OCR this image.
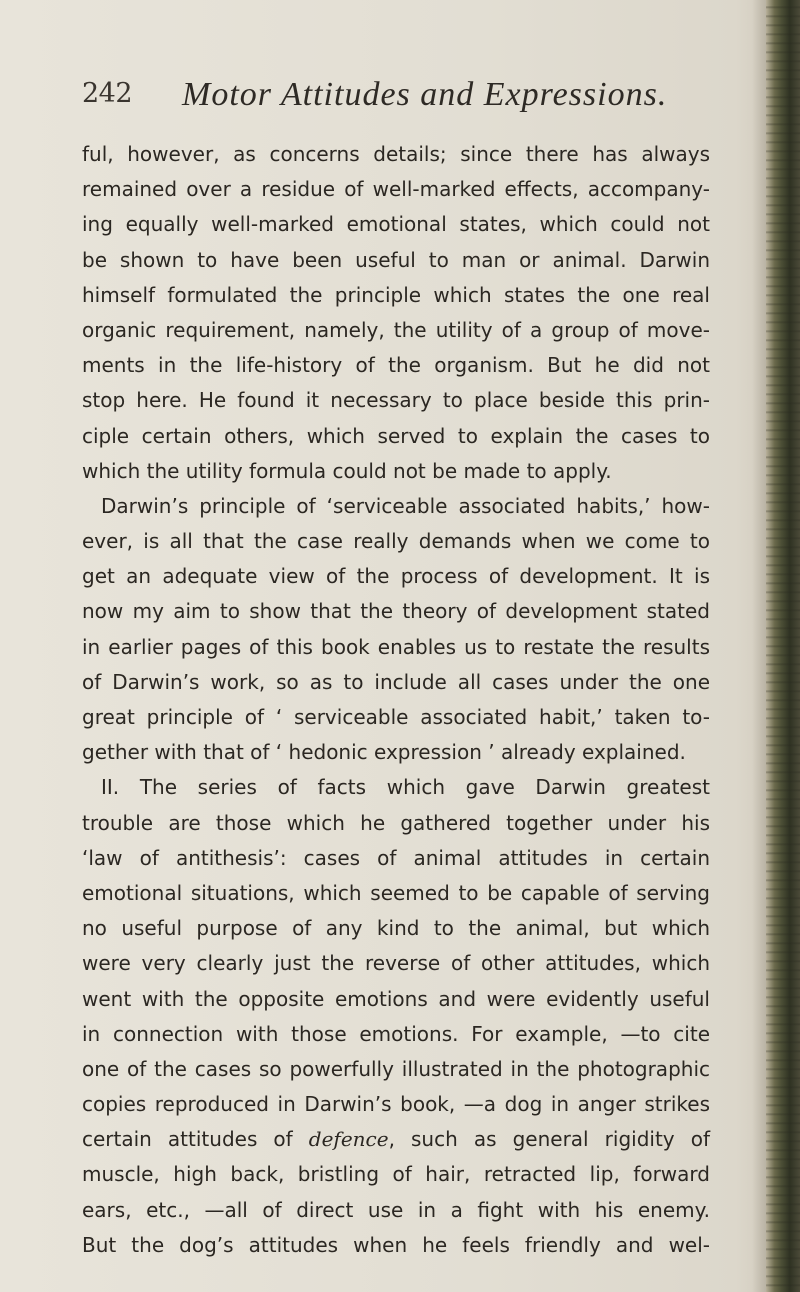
242 Motor Attitudes and Expressions.
ful, however, as concerns details; since there has always
remained over a residue of well-marked effects, accompany-
ing equally well-marked emotional states, which could not
be shown to have been useful to man or animal. Darwin
himself formulated the principle which states the one real
organic requirement, namely, the utility of a group of move-
ments in the life-history of the organism. But he did not
stop here. He found it necessary to place beside this prin-
ciple certain others, which served to explain the cases to
which the utility formula could not be made to apply.
Darwin’s principle of ‘serviceable associated habits,’ how-
ever, is all that the case really demands when we come to
get an adequate view of the process of development. It is
now my aim to show that the theory of development stated
in earlier pages of this book enables us to restate the results
of Darwin’s work, so as to include all cases under the one
great principle of ‘ serviceable associated habit,’ taken to-
gether with that of ‘ hedonic expression ’ already explained.
II. The series of facts which gave Darwin greatest
trouble are those which he gathered together under his
‘law of antithesis’: cases of animal attitudes in certain
emotional situations, which seemed to be capable of serving
no useful purpose of any kind to the animal, but which
were very clearly just the reverse of other attitudes, which
went with the opposite emotions and were evidently useful
in connection with those emotions. For example, —to cite
one of the cases so powerfully illustrated in the photographic
copies reproduced in Darwin’s book, —a dog in anger strikes
certain attitudes of defence, such as general rigidity of
muscle, high back, bristling of hair, retracted lip, forward
ears, etc., —all of direct use in a fight with his enemy.
But the dog’s attitudes when he feels friendly and wel-
